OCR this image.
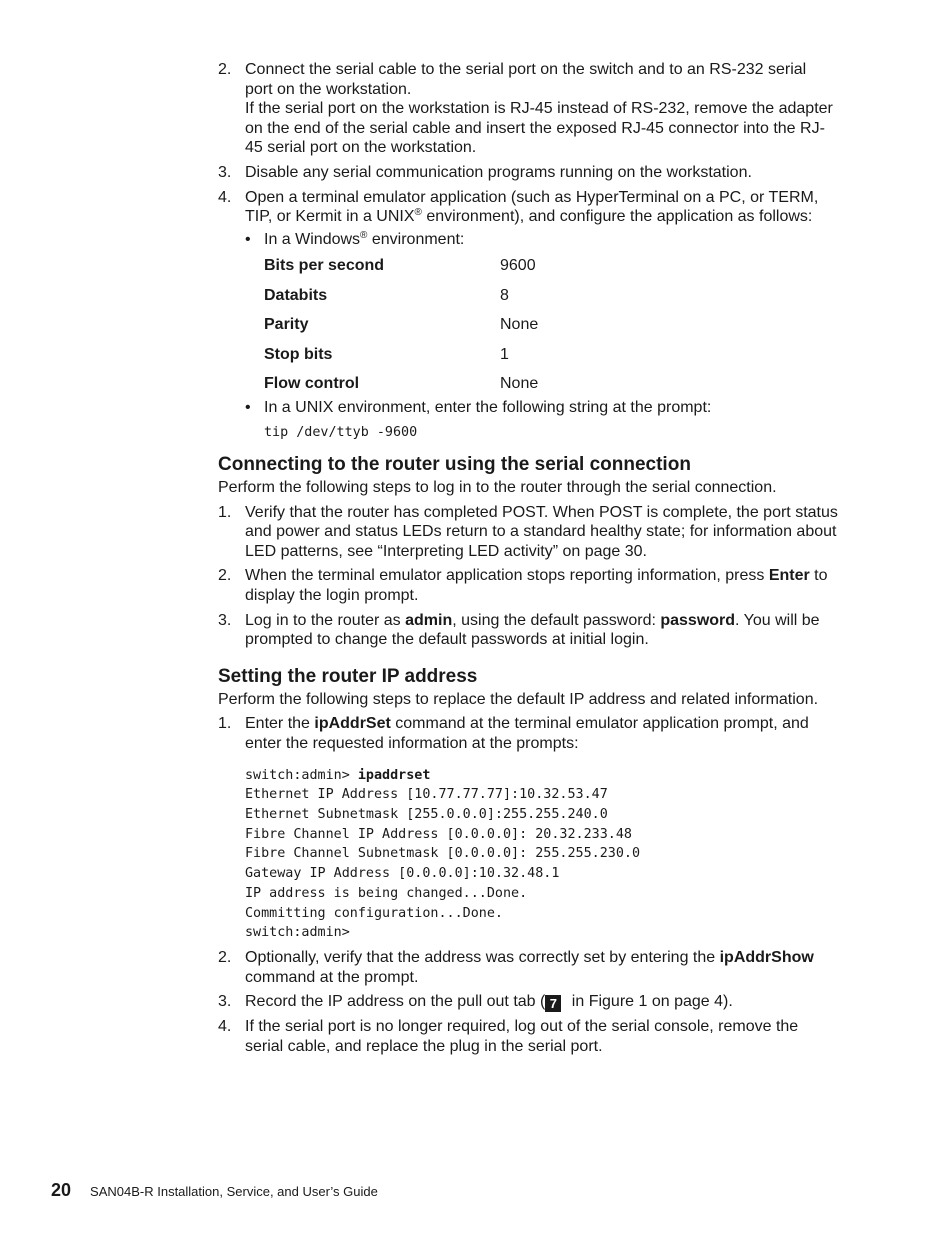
2. Connect the serial cable to the serial port on the switch and to an RS-232 serial port on the workstation.
If the serial port on the workstation is RJ-45 instead of RS-232, remove the adapter on the end of the serial cable and insert the exposed RJ-45 connector into the RJ-45 serial port on the workstation.
3. Disable any serial communication programs running on the workstation.
4. Open a terminal emulator application (such as HyperTerminal on a PC, or TERM, TIP, or Kermit in a UNIX® environment), and configure the application as follows:
• In a Windows® environment:
Bits per second	9600
Databits	8
Parity	None
Stop bits	1
Flow control	None
• In a UNIX environment, enter the following string at the prompt:
tip /dev/ttyb -9600
Connecting to the router using the serial connection
Perform the following steps to log in to the router through the serial connection.
1. Verify that the router has completed POST. When POST is complete, the port status and power and status LEDs return to a standard healthy state; for information about LED patterns, see “Interpreting LED activity” on page 30.
2. When the terminal emulator application stops reporting information, press Enter to display the login prompt.
3. Log in to the router as admin, using the default password: password. You will be prompted to change the default passwords at initial login.
Setting the router IP address
Perform the following steps to replace the default IP address and related information.
1. Enter the ipAddrSet command at the terminal emulator application prompt, and enter the requested information at the prompts:
switch:admin> ipaddrset
Ethernet IP Address [10.77.77.77]:10.32.53.47
Ethernet Subnetmask [255.0.0.0]:255.255.240.0
Fibre Channel IP Address [0.0.0.0]: 20.32.233.48
Fibre Channel Subnetmask [0.0.0.0]: 255.255.230.0
Gateway IP Address [0.0.0.0]:10.32.48.1
IP address is being changed...Done.
Committing configuration...Done.
switch:admin>
2. Optionally, verify that the address was correctly set by entering the ipAddrShow command at the prompt.
3. Record the IP address on the pull out tab ( 7 in Figure 1 on page 4).
4. If the serial port is no longer required, log out of the serial console, remove the serial cable, and replace the plug in the serial port.
20 SAN04B-R Installation, Service, and User’s Guide
